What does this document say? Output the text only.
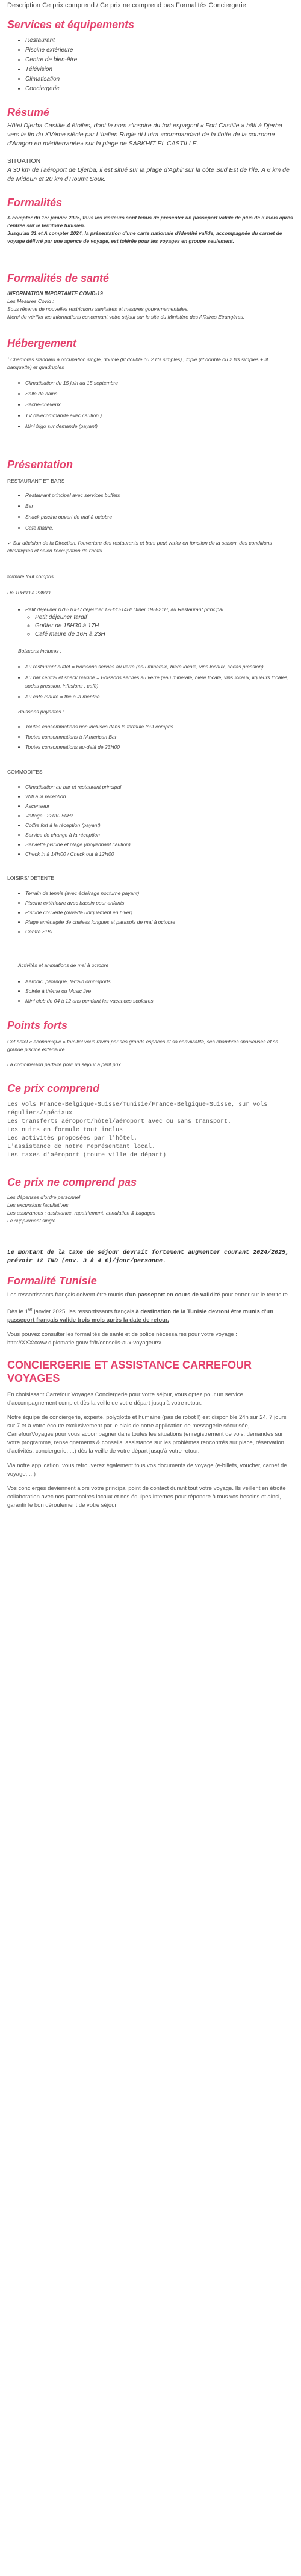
Description Ce prix comprend / Ce prix ne comprend pas Formalités Conciergerie
Services et équipements
• Restaurant
• Piscine extérieure
• Centre de bien-être
• Télévision
• Climatisation
• Conciergerie
Résumé

Hôtel Djerba Castille 4 étoiles, dont le nom s'inspire du fort espagnol « Fort Castille » bâti à Djerba vers la fin du XVème siècle par L'Italien Rugle di Luira «commandant de la flotte de la couronne d'Aragon en méditerranée» sur la plage de SABKHIT EL CASTILLE.

SITUATION

A 30 km de l'aéroport de Djerba, il est situé sur la plage d'Aghir sur la côte Sud Est de l'île. A 6 km de de Midoun et 20 km d'Houmt Souk.

Formalités

A compter du 1er janvier 2025, tous les visiteurs sont tenus de présenter un passeport valide de plus de 3 mois après l'entrée sur le territoire tunisien.

Jusqu'au 31 et A compter 2024, la présentation d'une carte nationale d'identité valide, accompagnée du carnet de voyage délivré par une agence de voyage, est tolérée pour les voyages en groupe seulement.

Formalités de santé

INFORMATION IMPORTANTE COVID-19

Les Mesures Covid :

Sous réserve de nouvelles restrictions sanitaires et mesures gouvernementales.

Merci de vérifier les informations concernant votre séjour sur le site du Ministère des Affaires Etrangères.

Hébergement

˚ Chambres standard à occupation single, double (lit double ou 2 lits simples) , triple (lit double ou 2 lits simples + lit banquette) et quadruples

• Climatisation du 15 juin au 15 septembre
• Salle de bains
• Sèche-cheveux
• TV (télécommande avec caution )
• Mini frigo sur demande (payant)
Présentation

RESTAURANT ET BARS

• Restaurant principal avec services buffets
• Bar
• Snack piscine ouvert de mai à octobre
• Café maure.

✓ Sur décision de la Direction, l'ouverture des restaurants et bars peut varier en fonction de la saison, des conditions climatiques et selon l'occupation de l'hôtel

formule tout compris

De 10H00 à 23h00

• Petit déjeuner 07H-10H / déjeuner 12H30-14H/ Dîner 19H-21H, au Restaurant principal
◦ Petit déjeuner tardif
◦ Goûter de 15H30 à 17H
◦ Café maure de 16H à 23H

Boissons incluses :

• Au restaurant buffet = Boissons servies au verre (eau minérale, bière locale, vins locaux, sodas pression)
• Au bar central et snack piscine = Boissons servies au verre (eau minérale, bière locale, vins locaux, liqueurs locales, sodas pression, infusions , café)
• Au café maure = thé à la menthe

Boissons payantes :

• Toutes consommations non incluses dans la formule tout compris
• Toutes consommations à l'American Bar
• Toutes consommations au-delà de 23H00

COMMODITES

• Climatisation au bar et restaurant principal
• Wifi à la réception
• Ascenseur
• Voltage : 220V- 50Hz.
• Coffre fort à la réception (payant)
• Service de change à la réception
• Serviette piscine et plage (moyennant caution)
• Check in à 14H00 / Check out à 12H00

LOISIRS/ DETENTE

• Terrain de tennis (avec éclairage nocturne payant)
• Piscine extérieure avec bassin pour enfants
• Piscine couverte (ouverte uniquement en hiver)
• Plage aménagée de chaises longues et parasols de mai à octobre
• Centre SPA

Activités et animations de mai à octobre

• Aérobic, pétanque, terrain omnisports
• Soirée à thème ou Music live
• Mini club de 04 à 12 ans pendant les vacances scolaires.
Points forts

Cet hôtel « économique » familial vous ravira par ses grands espaces et sa convivialité, ses chambres spacieuses et sa grande piscine extérieure.

La combinaison parfaite pour un séjour à petit prix.

Ce prix comprend
Les vols France-Belgique-Suisse/Tunisie/France-Belgique-Suisse, sur vols réguliers/spéciaux
Les transferts aéroport/hôtel/aéroport avec ou sans transport.
Les nuits en formule tout inclus
Les activités proposées par l'hôtel.
L'assistance de notre représentant local.
Les taxes d'aéroport (toute ville de départ)
Ce prix ne comprend pas
Les dépenses d'ordre personnel
Les excursions facultatives
Les assurances : assistance, rapatriement, annulation & bagages
Le supplément single

Le montant de la taxe de séjour devrait fortement augmenter courant 2024/2025, prévoir 12 TND (env. 3 à 4 €)/jour/personne.

Formalité Tunisie

Les ressortissants français doivent être munis d'un passeport en cours de validité pour entrer sur le territoire.

Dès le 1er janvier 2025, les ressortissants français à destination de la Tunisie devront être munis d'un passeport français valide trois mois après la date de retour.

Vous pouvez consulter les formalités de santé et de police nécessaires pour votre voyage : http://XXXxxww.diplomatie.gouv.fr/fr/conseils-aux-voyageurs/

CONCIERGERIE ET ASSISTANCE CARREFOUR VOYAGES

En choisissant Carrefour Voyages Conciergerie pour votre séjour, vous optez pour un service d'accompagnement complet dès la veille de votre départ jusqu'à votre retour.

Notre équipe de conciergerie, experte, polyglotte et humaine (pas de robot !) est disponible 24h sur 24, 7 jours sur 7 et à votre écoute exclusivement par le biais de notre application de messagerie sécurisée, CarrefourVoyages pour vous accompagner dans toutes les situations (enregistrement de vols, demandes sur votre programme, renseignements & conseils, assistance sur les problèmes rencontrés sur place, réservation d'activités, conciergerie, ...) dès la veille de votre départ jusqu'à votre retour.

Via notre application, vous retrouverez également tous vos documents de voyage (e-billets, voucher, carnet de voyage, ...)

Vos concierges deviennent alors votre principal point de contact durant tout votre voyage. Ils veillent en étroite collaboration avec nos partenaires locaux et nos équipes internes pour répondre à tous vos besoins et ainsi, garantir le bon déroulement de votre séjour.
